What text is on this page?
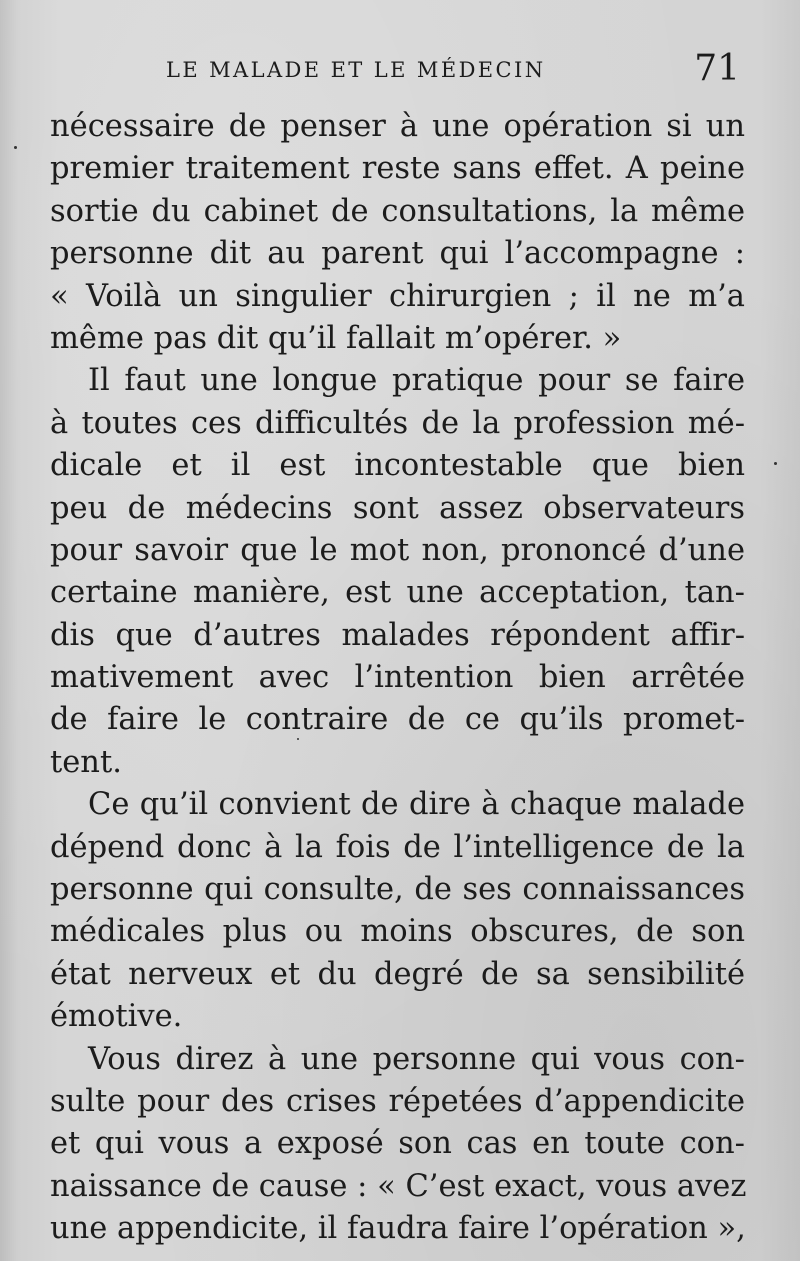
LE MALADE ET LE MÉDECIN	71
nécessaire de penser à une opération si un
premier traitement reste sans effet. A peine
sortie du cabinet de consultations, la même
personne dit au parent qui l’accompagne :
« Voilà un singulier chirurgien ; il ne m’a
même pas dit qu’il fallait m’opérer. »
Il faut une longue pratique pour se faire
à toutes ces difficultés de la profession mé-
dicale et il est incontestable que bien
peu de médecins sont assez observateurs
pour savoir que le mot non, prononcé d’une
certaine manière, est une acceptation, tan-
dis que d’autres malades répondent affir-
mativement avec l’intention bien arrêtée
de faire le contraire de ce qu’ils promet-
tent.
Ce qu’il convient de dire à chaque malade
dépend donc à la fois de l’intelligence de la
personne qui consulte, de ses connaissances
médicales plus ou moins obscures, de son
état nerveux et du degré de sa sensibilité
émotive.
Vous direz à une personne qui vous con-
sulte pour des crises répetées d’appendicite
et qui vous a exposé son cas en toute con-
naissance de cause : « C’est exact, vous avez
une appendicite, il faudra faire l’opération »,
